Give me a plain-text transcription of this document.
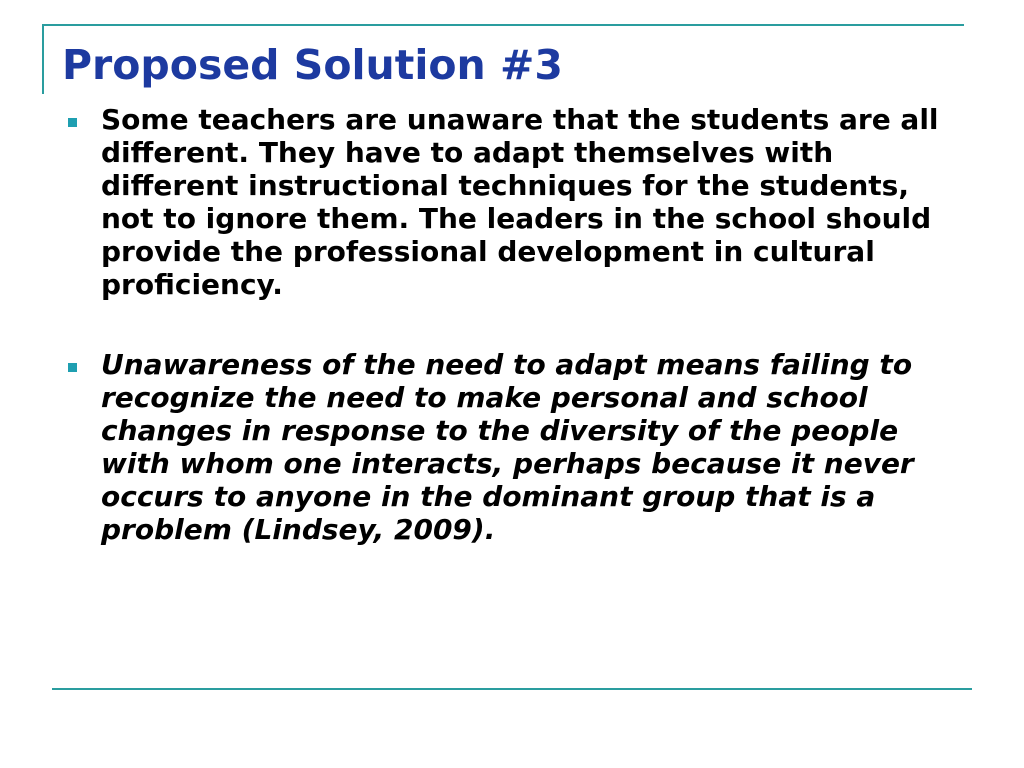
Proposed Solution #3
Some teachers are unaware that the students are all different. They have to adapt themselves with different instructional techniques for the students, not to ignore them. The leaders in the school should provide the professional development in cultural proficiency.
Unawareness of the need to adapt means failing to recognize the need to make personal and school changes in response to the diversity of the people with whom one interacts, perhaps because it never occurs to anyone in the dominant group that is a problem (Lindsey, 2009).
